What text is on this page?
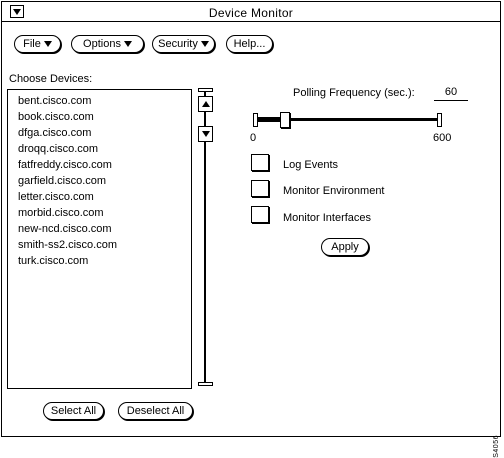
Device Monitor
File	Options	Security	Help...
Choose Devices:
bent.cisco.com
book.cisco.com
dfga.cisco.com
droqq.cisco.com
fatfreddy.cisco.com
garfield.cisco.com
letter.cisco.com
morbid.cisco.com
new-ncd.cisco.com
smith-ss2.cisco.com
turk.cisco.com
Polling Frequency (sec.):	60
0	600
Log Events
Monitor Environment
Monitor Interfaces
Apply
Select All	Deselect All
S4056
